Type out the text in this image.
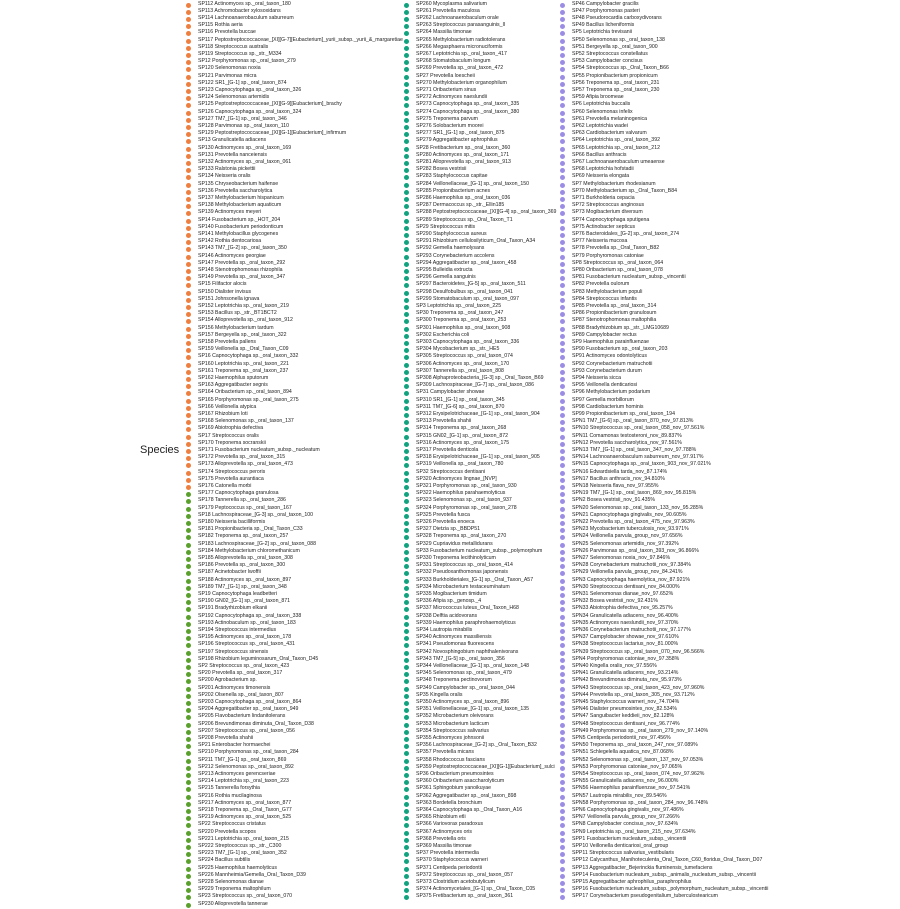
Species
SP112 Actinomyces sp._oral_taxon_180
SP113 Achromobacter xylosoxidans
SP114 Lachnoanaerobaculum saburreum
SP115 Rothia aeria
SP116 Prevotella buccae
SP117 Peptostreptococcaceae_[XI][G-7][Eubacterium]_yurii_subsp._yurii_&_margaretiae
SP118 Streptococcus australis
SP119 Streptococcus sp._str._M334
SP12 Porphyromonas sp._oral_taxon_279
SP120 Selenomonas noxia
SP121 Parvimonas micra
SP122 SR1_[G-1] sp._oral_taxon_874
SP123 Capnocytophaga sp._oral_taxon_326
SP124 Selenomonas artemidis
SP125 Peptostreptococcaceae_[XI][G-9][Eubacterium]_brachy
SP126 Capnocytophaga sp._oral_taxon_324
SP127 TM7_[G-1] sp._oral_taxon_346
SP128 Parvimonas sp._oral_taxon_110
SP129 Peptostreptococcaceae_[XI][G-1][Eubacterium]_infirmum
SP13 Granulicatella adiacens
SP130 Actinomyces sp._oral_taxon_169
SP131 Prevotella nanceiensis
SP132 Actinomyces sp._oral_taxon_061
SP133 Ralstonia pickettii
SP134 Neisseria oralis
SP135 Chryseobacterium haifense
SP136 Prevotella saccharolytica
SP137 Methylobacterium hispanicum
SP138 Methylobacterium aquaticum
SP139 Actinomyces meyeri
SP14 Fusobacterium sp._HOT_204
SP140 Fusobacterium periodonticum
SP141 Methylobacillus glycogenes
SP142 Rothia dentocariosa
SP143 TM7_[G-2] sp._oral_taxon_350
SP146 Actinomyces georgiae
SP147 Prevotella sp._oral_taxon_292
SP148 Stenotrophomonas rhizophila
SP149 Prevotella sp._oral_taxon_347
SP15 Filifactor alocis
SP150 Dialister invisus
SP151 Johnsonella ignava
SP152 Leptotrichia sp._oral_taxon_219
SP153 Bacillus sp._str._BT1BCT2
SP154 Alloprevotella sp._oral_taxon_912
SP156 Methylobacterium tardum
SP157 Bergeyella sp._oral_taxon_322
SP158 Prevotella pallens
SP159 Veillonella sp._Oral_Taxon_C09
SP16 Capnocytophaga sp._oral_taxon_332
SP160 Leptotrichia sp._oral_taxon_221
SP161 Treponema sp._oral_taxon_237
SP162 Haemophilus sputorum
SP163 Aggregatibacter segnis
SP164 Oribacterium sp._oral_taxon_894
SP165 Porphyromonas sp._oral_taxon_275
SP166 Veillonella atypica
SP167 Rhizobium loti
SP168 Selenomonas sp._oral_taxon_137
SP169 Abiotrophia defectiva
SP17 Streptococcus oralis
SP170 Treponema socranskii
SP171 Fusobacterium nucleatum_subsp._nucleatum
SP172 Prevotella sp._oral_taxon_315
SP173 Alloprevotella sp._oral_taxon_473
SP174 Streptococcus peroris
SP175 Prevotella aurantiaca
SP176 Catonella morbi
SP177 Capnocytophaga granulosa
SP178 Tannerella sp._oral_taxon_286
SP179 Peptococcus sp._oral_taxon_167
SP18 Lachnospiraceae_[G-3] sp._oral_taxon_100
SP180 Neisseria bacilliformis
SP181 Propionibacteria sp._Oral_Taxon_C33
SP182 Treponema sp._oral_taxon_257
SP183 Lachnospiraceae_[G-2] sp._oral_taxon_088
SP184 Methylobacterium chloromethanicum
SP185 Alloprevotella sp._oral_taxon_308
SP186 Prevotella sp._oral_taxon_300
SP187 Acinetobacter lwoffii
SP188 Actinomyces sp._oral_taxon_897
SP189 TM7_[G-1] sp._oral_taxon_348
SP19 Capnocytophaga leadbetteri
SP190 GN02_[G-1] sp._oral_taxon_871
SP191 Bradyrhizobium elkanii
SP192 Capnocytophaga sp._oral_taxon_338
SP193 Actinobaculum sp._oral_taxon_183
SP194 Streptococcus intermedius
SP195 Actinomyces sp._oral_taxon_178
SP196 Streptococcus sp._oral_taxon_431
SP197 Streptococcus sinensis
SP198 Rhizobium leguminosarum_Oral_Taxon_D45
SP2 Streptococcus sp._oral_taxon_423
SP20 Prevotella sp._oral_taxon_317
SP200 Agrobacterium sp.
SP201 Actinomyces timonensis
SP202 Olsenella sp._oral_taxon_807
SP203 Capnocytophaga sp._oral_taxon_864
SP204 Aggregatibacter sp._oral_taxon_949
SP205 Flavobacterium lindanitolerans
SP206 Brevundimonas diminuta_Oral_Taxon_D38
SP207 Streptococcus sp._oral_taxon_056
SP208 Prevotella shahii
SP21 Enterobacter hormaechei
SP210 Porphyromonas sp._oral_taxon_284
SP211 TM7_[G-1] sp._oral_taxon_869
SP212 Selenomonas sp._oral_taxon_892
SP213 Actinomyces gerencseriae
SP214 Leptotrichia sp._oral_taxon_223
SP215 Tannerella forsythia
SP216 Rothia mucilaginosa
SP217 Actinomyces sp._oral_taxon_877
SP218 Treponema sp._Oral_Taxon_G77
SP219 Actinomyces sp._oral_taxon_525
SP22 Streptococcus cristatus
SP220 Prevotella scopos
SP221 Leptotrichia sp._oral_taxon_215
SP222 Streptococcus sp._str._C300
SP223 TM7_[G-1] sp._oral_taxon_352
SP224 Bacillus subtilis
SP225 Haemophilus haemolyticus
SP226 Mannheimia/Gemella_Oral_Taxon_D39
SP228 Selenomonas dianae
SP229 Treponema maltophilum
SP23 Streptococcus sp._oral_taxon_070
SP230 Alloprevotella tannerae
SP260 Mycoplasma salivarium
SP261 Prevotella maculosa
SP262 Lachnoanaerobaculum orale
SP263 Streptococcus parasanguinis_II
SP264 Massilia timonae
SP265 Methylobacterium radiotolerans
SP266 Megasphaera micronuciformis
SP267 Leptotrichia sp._oral_taxon_417
SP268 Stomatobaculum longum
SP269 Prevotella sp._oral_taxon_472
SP27 Prevotella loescheii
SP270 Methylobacterium organophilum
SP271 Oribacterium sinus
SP272 Actinomyces naeslundii
SP273 Capnocytophaga sp._oral_taxon_335
SP274 Capnocytophaga sp._oral_taxon_380
SP275 Treponema parvum
SP276 Solobacterium moorei
SP277 SR1_[G-1] sp._oral_taxon_875
SP279 Aggregatibacter aphrophilus
SP28 Fretibacterium sp._oral_taxon_360
SP280 Actinomyces sp._oral_taxon_171
SP281 Alloprevotella sp._oral_taxon_913
SP282 Bosea vestrisii
SP283 Staphylococcus capitae
SP284 Veillonellaceae_[G-1] sp._oral_taxon_150
SP285 Propionibacterium acnes
SP286 Haemophilus sp._oral_taxon_036
SP287 Dermacoccus sp._str._Ellin185
SP288 Peptostreptococcaceae_[XI][G-4] sp._oral_taxon_369
SP289 Streptococcus sp._Oral_Taxon_T1
SP29 Streptococcus mitis
SP290 Staphylococcus aureus
SP291 Rhizobium cellulosilyticum_Oral_Taxon_A34
SP292 Gemella haemolysans
SP293 Corynebacterium accolens
SP294 Aggregatibacter sp._oral_taxon_458
SP295 Bulleidia extructa
SP296 Gemella sanguinis
SP297 Bacteroidetes_[G-5] sp._oral_taxon_511
SP298 Desulfobulbus sp._oral_taxon_041
SP299 Stomatobaculum sp._oral_taxon_097
SP3 Leptotrichia sp._oral_taxon_225
SP30 Treponema sp._oral_taxon_247
SP300 Treponema sp._oral_taxon_253
SP301 Haemophilus sp._oral_taxon_908
SP302 Escherichia coli
SP303 Capnocytophaga sp._oral_taxon_336
SP304 Mycobacterium sp._str._HE5
SP305 Streptococcus sp._oral_taxon_074
SP306 Actinomyces sp._oral_taxon_170
SP307 Tannerella sp._oral_taxon_808
SP308 Alphaproteobacteria_[G-3] sp._Oral_Taxon_B69
SP309 Lachnospiraceae_[G-7] sp._oral_taxon_086
SP31 Campylobacter showae
SP310 SR1_[G-1] sp._oral_taxon_345
SP311 TM7_[G-6] sp._oral_taxon_870
SP312 Erysipelotrichaceae_[G-1] sp._oral_taxon_904
SP313 Prevotella shahii
SP314 Treponema sp._oral_taxon_268
SP315 GN02_[G-1] sp._oral_taxon_872
SP316 Actinomyces sp._oral_taxon_175
SP317 Prevotella denticola
SP318 Erysipelotrichaceae_[G-1] sp._oral_taxon_905
SP319 Veillonella sp._oral_taxon_780
SP32 Streptococcus dentisani
SP320 Actinomyces lingnae_[NVP]
SP321 Porphyromonas sp._oral_taxon_930
SP322 Haemophilus parahaemolyticus
SP323 Selenomonas sp._oral_taxon_937
SP324 Porphyromonas sp._oral_taxon_278
SP325 Prevotella fusca
SP326 Prevotella enoeca
SP327 Dietzia sp._BBDP51
SP328 Treponema sp._oral_taxon_270
SP329 Cupriavidus metallidurans
SP33 Fusobacterium nucleatum_subsp._polymorphum
SP330 Treponema lecithinolyticum
SP331 Streptococcus sp._oral_taxon_414
SP332 Pseudoxanthomonas japonensis
SP333 Burkholderiales_[G-1] sp._Oral_Taxon_A57
SP334 Microbacterium testaceum/natum
SP335 Mogibacterium timidum
SP336 Afipia sp._genosp._4
SP337 Micrococcus luteus_Oral_Taxon_H68
SP338 Delftia acidovorans
SP339 Haemophilus paraphrohaemolyticus
SP34 Lautropia mirabilis
SP340 Actinomyces massiliensis
SP341 Pseudomonas fluorescens
SP342 Novosphingobium naphthalenivorans
SP343 TM7_[G-5] sp._oral_taxon_356
SP344 Veillonellaceae_[G-1] sp._oral_taxon_148
SP345 Selenomonas sp._oral_taxon_479
SP348 Treponema pectinovorum
SP349 Campylobacter sp._oral_taxon_044
SP35 Kingella oralis
SP350 Actinomyces sp._oral_taxon_896
SP351 Veillonellaceae_[G-1] sp._oral_taxon_135
SP352 Microbacterium oleivorans
SP353 Microbacterium lacticum
SP354 Streptococcus salivarius
SP355 Actinomyces johnsonii
SP356 Lachnospiraceae_[G-2] sp._Oral_Taxon_B32
SP357 Prevotella micans
SP358 Rhodococcus fascians
SP359 Peptostreptococcaceae_[XI][G-1][Eubacterium]_sulci
SP36 Oribacterium pneumosintes
SP360 Oribacterium asaccharolyticum
SP361 Sphingobium yanoikuyae
SP362 Aggregatibacter sp._oral_taxon_898
SP363 Bordetella bronchium
SP364 Capnocytophaga sp._Oral_Taxon_A16
SP365 Rhizobium etli
SP366 Variovorax paradoxus
SP367 Actinomyces oris
SP368 Prevotella oris
SP369 Massilia timonae
SP37 Prevotella intermedia
SP370 Staphylococcus warneri
SP371 Centipeda periodontii
SP372 Streptococcus sp._oral_taxon_057
SP373 Clostridium acetobutylicum
SP374 Actinomycetales_[G-1] sp._Oral_Taxon_C05
SP375 Fretibacterium sp._oral_taxon_361
SP46 Campylobacter gracilis
SP47 Porphyromonas pasteri
SP48 Pseudorocardia carboxydivorans
SP49 Bacillus licheniformis
SP5 Leptotrichia trevisanii
SP50 Selenomonas sp._oral_taxon_138
SP51 Bergeyella sp._oral_taxon_900
SP52 Streptococcus constellatus
SP53 Campylobacter concisus
SP54 Streptococcus sp._Oral_Taxon_B66
SP55 Propionibacterium propionicum
SP56 Treponema sp._oral_taxon_231
SP57 Treponema sp._oral_taxon_230
SP59 Afipia broomeae
SP6 Leptotrichia buccalis
SP60 Selenomonas infelix
SP61 Prevotella melaninogenica
SP62 Leptotrichia wadei
SP63 Cardiobacterium valvarum
SP64 Leptotrichia sp._oral_taxon_392
SP65 Leptotrichia sp._oral_taxon_212
SP66 Bacillus anthracis
SP67 Lachnoanaerobaculum umeaense
SP68 Leptotrichia hofstadii
SP69 Neisseria elongata
SP7 Methylobacterium rhodesianum
SP70 Methylobacterium sp._Oral_Taxon_B84
SP71 Burkholderia cepacia
SP72 Streptococcus anginosus
SP73 Mogibacterium diversum
SP74 Capnocytophaga sputigena
SP75 Actinobacter septicus
SP76 Bacteroidales_[G-2] sp._oral_taxon_274
SP77 Neisseria mucosa
SP78 Prevotella sp._Oral_Taxon_B82
SP79 Porphyromonas catoniae
SP8 Streptococcus sp._oral_taxon_064
SP80 Oribacterium sp._oral_taxon_078
SP81 Fusobacterium nucleatum_subsp._vincentii
SP82 Prevotella oulorum
SP83 Methylobacterium populi
SP84 Streptococcus infantis
SP85 Prevotella sp._oral_taxon_314
SP86 Propionibacterium granulosum
SP87 Stenotrophomonas maltophilia
SP88 Bradyrhizobium sp._str._LMG10689
SP89 Campylobacter rectus
SP9 Haemophilus parainfluenzae
SP90 Fusobacterium sp._oral_taxon_203
SP91 Actinomyces odontolyticus
SP92 Corynebacterium matruchotii
SP93 Corynebacterium durum
SP94 Neisseria sicca
SP95 Veillonella denticariosi
SP96 Methylobacterium podarium
SP97 Gemella morbillorum
SP98 Cardiobacterium hominis
SP99 Propionibacterium sp._oral_taxon_194
SPN1 TM7_[G-6] sp._oral_taxon_870_nov_97.813%
SPN10 Streptococcus sp._oral_taxon_058_nov_97.561%
SPN11 Comamonas testosteroni_nov_89.837%
SPN12 Prevotella saccharolytica_nov_97.561%
SPN13 TM7_[G-1] sp._oral_taxon_347_nov_97.788%
SPN14 Lachnoanaerobaculum saburreum_nov_97.917%
SPN15 Capnocytophaga sp._oral_taxon_903_nov_97.021%
SPN16 Edwardsiella tarda_nov_87.174%
SPN17 Bacillus anthracis_nov_94.810%
SPN18 Neisseria flava_nov_97.955%
SPN19 TM7_[G-1] sp._oral_taxon_869_nov_95.815%
SPN2 Bosea vestrisii_nov_91.435%
SPN20 Selenomonas sp._oral_taxon_133_nov_95.285%
SPN21 Capnocytophaga gingivalis_nov_90.605%
SPN22 Prevotella sp._oral_taxon_475_nov_97.963%
SPN23 Mycobacterium tuberculosis_nov_93.971%
SPN24 Veillonella parvula_group_nov_97.656%
SPN25 Selenomonas artemidis_nov_97.392%
SPN26 Parvimonas sp._oral_taxon_393_nov_96.866%
SPN27 Selenomonas noxia_nov_97.846%
SPN28 Corynebacterium matruchotii_nov_97.384%
SPN29 Veillonella parvula_group_nov_84.241%
SPN3 Capnocytophaga haemolytica_nov_87.921%
SPN30 Streptococcus dentisani_nov_84.000%
SPN31 Selenomonas dianae_nov_97.652%
SPN32 Bosea vestrisii_nov_92.431%
SPN33 Abiotrophia defectiva_nov_95.257%
SPN34 Granulicatella adiacens_nov_96.400%
SPN35 Actinomyces naeslundii_nov_97.370%
SPN36 Corynebacterium matruchotii_nov_97.177%
SPN37 Campylobacter showae_nov_97.610%
SPN38 Streptococcus lactarius_nov_81.000%
SPN39 Streptococcus sp._oral_taxon_070_nov_96.566%
SPN4 Porphyromonas catoniae_nov_97.358%
SPN40 Kingella oralis_nov_97.556%
SPN41 Granulicatella adiacens_nov_93.214%
SPN42 Brevundimonas diminuta_nov_95.973%
SPN43 Streptococcus sp._oral_taxon_423_nov_97.960%
SPN44 Prevotella sp._oral_taxon_305_nov_93.712%
SPN45 Staphylococcus warneri_nov_74.704%
SPN46 Dialister pneumosintes_nov_82.534%
SPN47 Sanguibacter keddieii_nov_82.128%
SPN48 Streptococcus dentisani_nov_96.774%
SPN49 Porphyromonas sp._oral_taxon_279_nov_97.140%
SPN5 Centipeda periodontii_nov_97.456%
SPN50 Treponema sp._oral_taxon_247_nov_97.089%
SPN51 Schlegelella aquatica_nov_87.068%
SPN52 Selenomonas sp._oral_taxon_137_nov_97.053%
SPN53 Porphyromonas catoniae_nov_97.065%
SPN54 Streptococcus sp._oral_taxon_074_nov_97.962%
SPN55 Granulicatella adiacens_nov_96.000%
SPN56 Haemophilus parainfluenzae_nov_97.541%
SPN57 Lautropia mirabilis_nov_89.546%
SPN58 Porphyromonas sp._oral_taxon_284_nov_96.748%
SPN6 Capnocytophaga gingivalis_nov_97.486%
SPN7 Veillonella parvula_group_nov_97.266%
SPN8 Campylobacter concisus_nov_97.634%
SPN9 Leptotrichia sp._oral_taxon_215_nov_97.634%
SPP1 Fusobacterium nucleatum_subsp._vincentii
SPP10 Veillonella denticariosi_oral_group
SPP11 Streptococcus salivarius_vestibularis
SPP12 Calycanthus_Manihoteculenta_Oral_Taxon_C60_floridus_Oral_Taxon_D07
SPP13 Aggregatibacter_Bejerinckia fluminensis_tumefaciens
SPP14 Fusobacterium nucleatum_subsp._animalis_nucleatum_subsp._vincentii
SPP15 Aggregatibacter aphrophilus_paraphrophilus
SPP16 Fusobacterium nucleatum_subsp._polymorphum_nucleatum_subsp._vincentii
SPP17 Corynebacterium pseudogenitalium_tuberculostearicum
